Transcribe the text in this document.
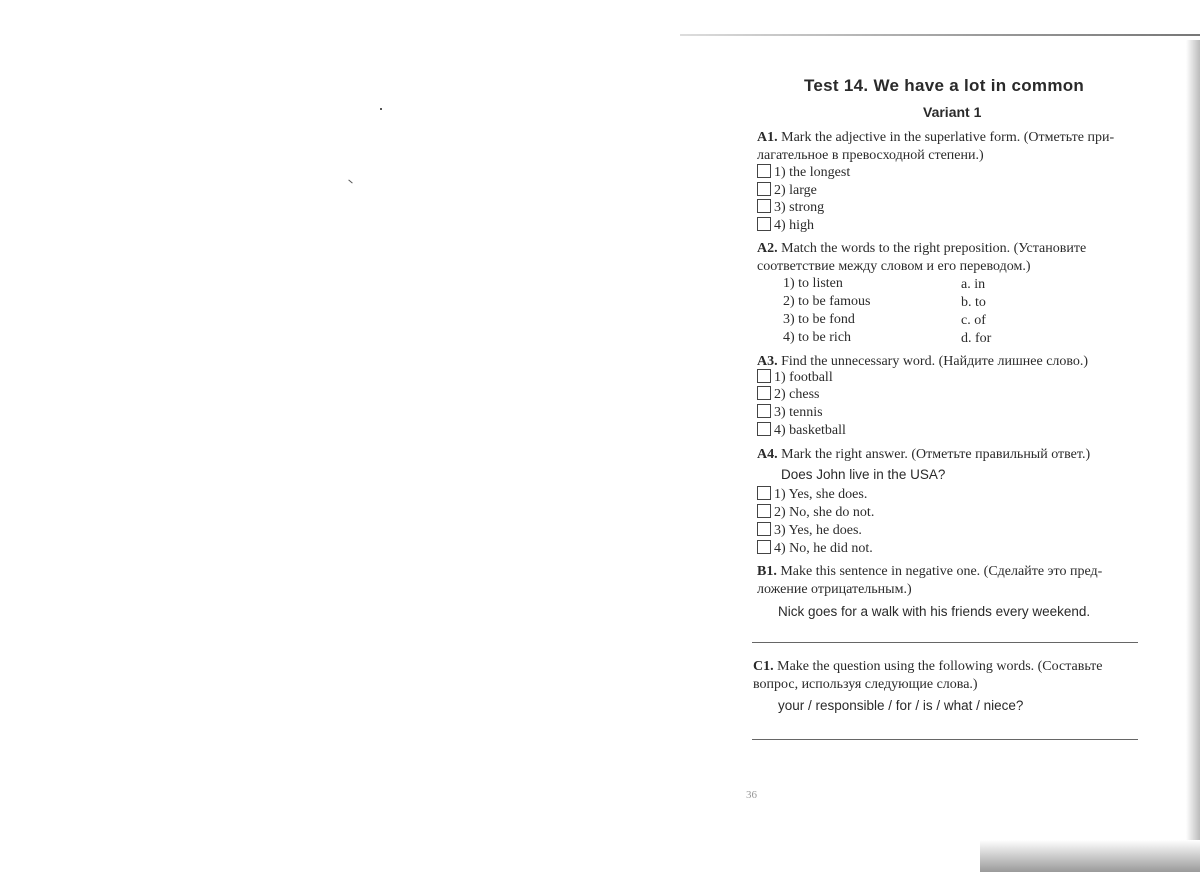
Test 14. We have a lot in common
Variant 1
A1. Mark the adjective in the superlative form. (Отметьте при-
лагательное в превосходной степени.)
1) the longest
2) large
3) strong
4) high
A2. Match the words to the right preposition. (Установите
соответствие между словом и его переводом.)
1) to listen
2) to be famous
3) to be fond
4) to be rich
a. in
b. to
c. of
d. for
A3. Find the unnecessary word. (Найдите лишнее слово.)
1) football
2) chess
3) tennis
4) basketball
A4. Mark the right answer. (Отметьте правильный ответ.)
Does John live in the USA?
1) Yes, she does.
2) No, she do not.
3) Yes, he does.
4) No, he did not.
B1. Make this sentence in negative one. (Сделайте это пред-
ложение отрицательным.)
Nick goes for a walk with his friends every weekend.
C1. Make the question using the following words. (Составьте
вопрос, используя следующие слова.)
your / responsible / for / is / what / niece?
36
